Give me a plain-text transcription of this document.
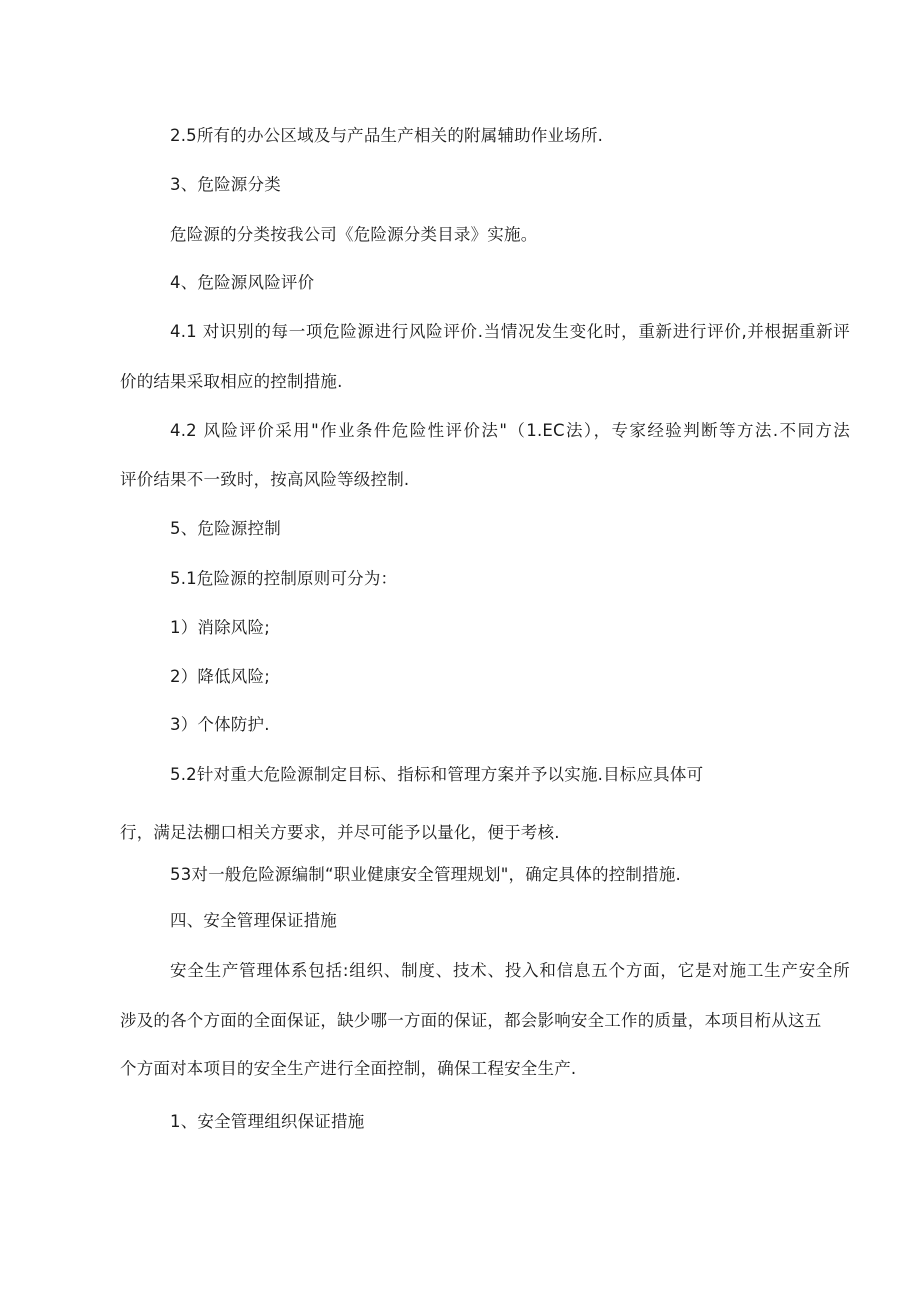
2.5所有的办公区域及与产品生产相关的附属辅助作业场所.
3、危险源分类
危险源的分类按我公司《危险源分类目录》实施。
4、危险源风险评价
4.1 对识别的每一项危险源进行风险评价.当情况发生变化时，重新进行评价,并根据重新评
价的结果采取相应的控制措施.
4.2 风险评价采用"作业条件危险性评价法"（1.EC法），专家经验判断等方法.不同方法
评价结果不一致时，按高风险等级控制.
5、危险源控制
5.1危险源的控制原则可分为：
1）消除风险;
2）降低风险;
3）个体防护.
5.2针对重大危险源制定目标、指标和管理方案并予以实施.目标应具体可
行，满足法棚口相关方要求，并尽可能予以量化，便于考核.
53对一般危险源编制“职业健康安全管理规划"，确定具体的控制措施.
四、安全管理保证措施
安全生产管理体系包括:组织、制度、技术、投入和信息五个方面，它是对施工生产安全所
涉及的各个方面的全面保证，缺少哪一方面的保证，都会影响安全工作的质量，本项目桁从这五
个方面对本项目的安全生产进行全面控制，确保工程安全生产.
1、安全管理组织保证措施
